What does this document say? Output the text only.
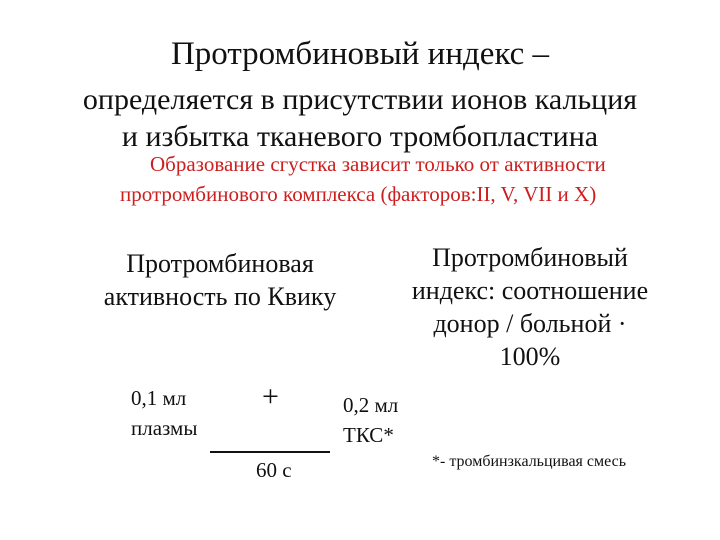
Протромбиновый индекс –
определяется в присутствии ионов кальция
и избытка тканевого тромбопластина
Образование сгустка зависит только от активности
протромбинового комплекса (факторов:II, V, VII и X)
Протромбиновая
активность по Квику
Протромбиновый
индекс: соотношение
донор / больной ·
100%
0,1 мл
плазмы
+	0,2 мл
ТКС*
60 с	*- тромбинзкальцивая смесь
